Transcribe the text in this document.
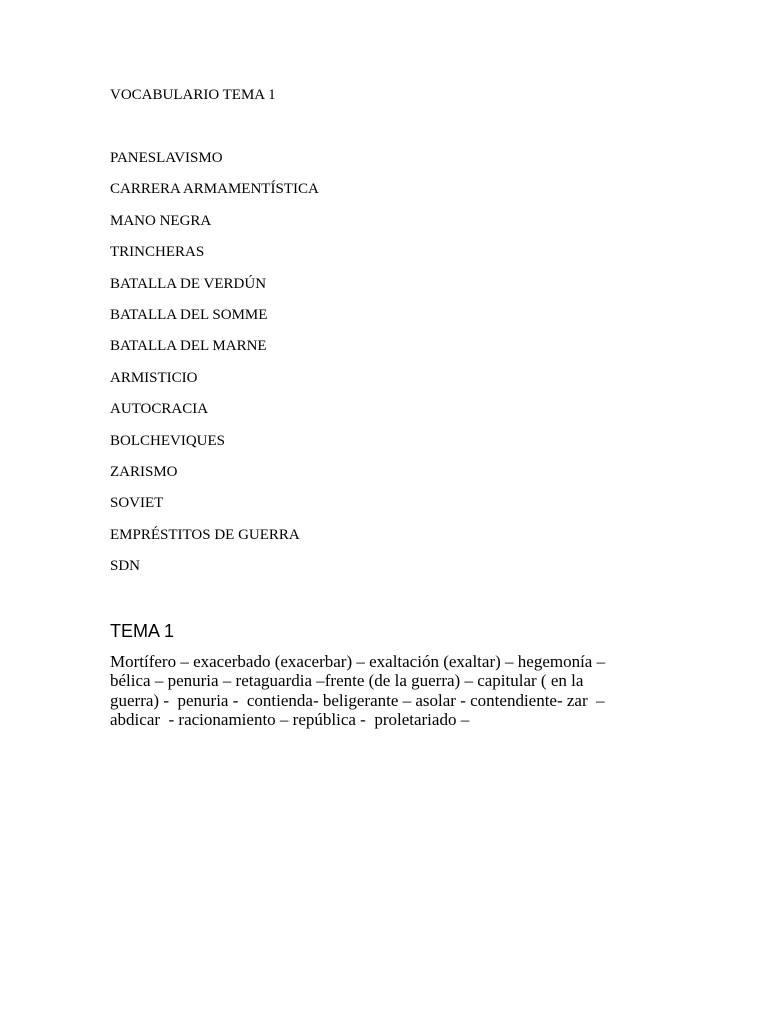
VOCABULARIO TEMA 1
PANESLAVISMO
CARRERA ARMAMENTÍSTICA
MANO NEGRA
TRINCHERAS
BATALLA DE VERDÚN
BATALLA DEL SOMME
BATALLA DEL MARNE
ARMISTICIO
AUTOCRACIA
BOLCHEVIQUES
ZARISMO
SOVIET
EMPRÉSTITOS DE GUERRA
SDN
TEMA 1

Mortífero – exacerbado (exacerbar) – exaltación (exaltar) – hegemonía –
bélica – penuria – retaguardia –frente (de la guerra) – capitular ( en la
guerra) -  penuria -  contienda- beligerante – asolar - contendiente- zar  –
abdicar  - racionamiento – república -  proletariado –
